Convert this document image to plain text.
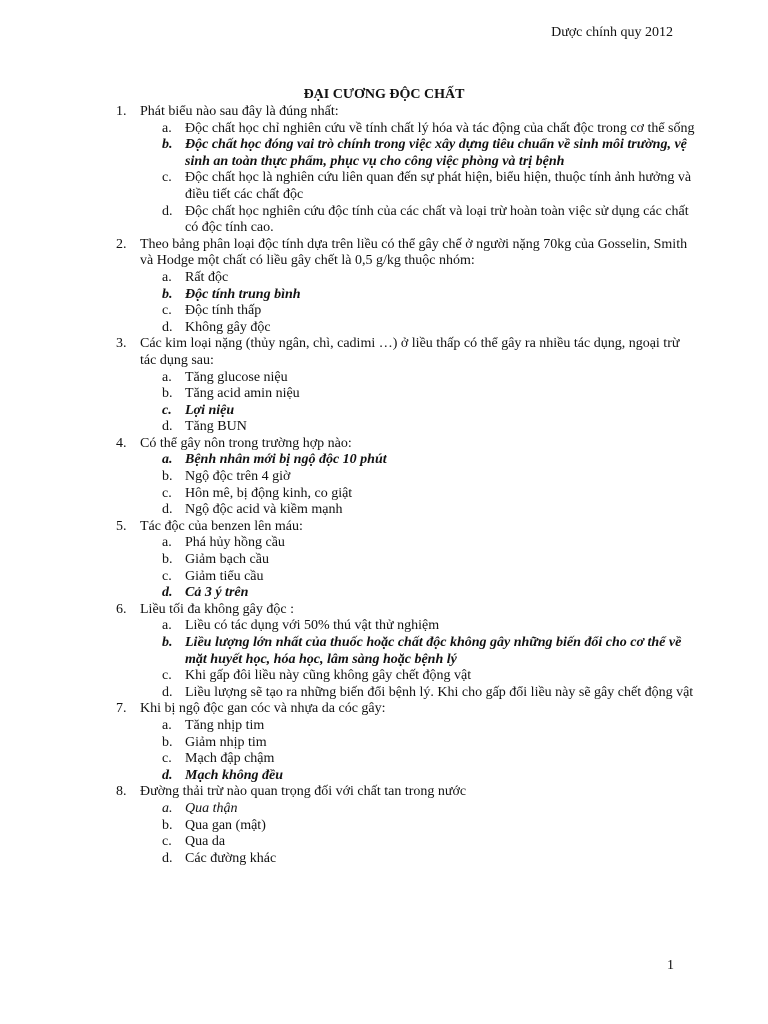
Dược chính quy 2012
ĐẠI CƯƠNG ĐỘC CHẤT
1. Phát biểu nào sau đây là đúng nhất:
a. Độc chất học chỉ nghiên cứu về tính chất lý hóa và tác động của chất độc trong cơ thể sống
b. Độc chất học đóng vai trò chính trong việc xây dựng tiêu chuẩn về sinh môi trường, vệ sinh an toàn thực phẩm, phục vụ cho công việc phòng và trị bệnh
c. Độc chất học là nghiên cứu liên quan đến sự phát hiện, biểu hiện, thuộc tính ảnh hưởng và điều tiết các chất độc
d. Độc chất học nghiên cứu độc tính của các chất và loại trừ hoàn toàn việc sử dụng các chất có độc tính cao.
2. Theo bảng phân loại độc tính dựa trên liều có thể gây chế ở người nặng 70kg của Gosselin, Smith và Hodge một chất có liều gây chết là 0,5 g/kg thuộc nhóm:
a. Rất độc
b. Độc tính trung bình
c. Độc tính thấp
d. Không gây độc
3. Các kim loại nặng (thủy ngân, chì, cadimi …) ở liều thấp có thể gây ra nhiều tác dụng, ngoại trừ tác dụng sau:
a. Tăng glucose niệu
b. Tăng acid amin niệu
c. Lợi niệu
d. Tăng BUN
4. Có thể gây nôn trong trường hợp nào:
a. Bệnh nhân mới bị ngộ độc 10 phút
b. Ngộ độc trên 4 giờ
c. Hôn mê, bị động kinh, co giật
d. Ngộ độc acid và kiềm mạnh
5. Tác độc của benzen lên máu:
a. Phá hủy hồng cầu
b. Giảm bạch cầu
c. Giảm tiểu cầu
d. Cả 3 ý trên
6. Liều tối đa không gây độc :
a. Liều có tác dụng với 50% thú vật thử nghiệm
b. Liều lượng lớn nhất của thuốc hoặc chất độc không gây những biến đổi cho cơ thể về mặt huyết học, hóa học, lâm sàng hoặc bệnh lý
c. Khi gấp đôi liều này cũng không gây chết động vật
d. Liều lượng sẽ tạo ra những biến đổi bệnh lý. Khi cho gấp đổi liều này sẽ gây chết động vật
7. Khi bị ngộ độc gan cóc và nhựa da cóc gây:
a. Tăng nhịp tim
b. Giảm nhịp tim
c. Mạch đập chậm
d. Mạch không đều
8. Đường thải trừ nào quan trọng đối với chất tan trong nước
a. Qua thận
b. Qua gan (mật)
c. Qua da
d. Các đường khác
1
